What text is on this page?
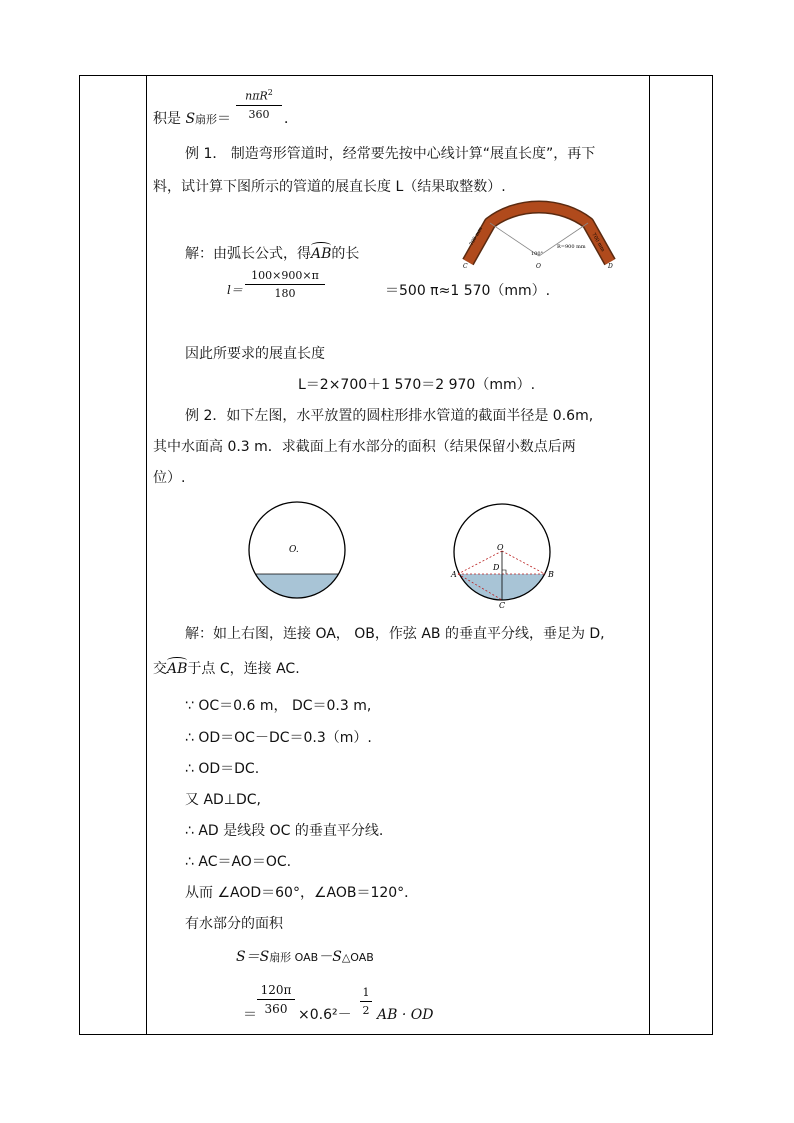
积是 S扇形＝
nπR$^2$
360	．
例 1． 制造弯形管道时，经常要先按中心线计算“展直长度”，再下
料，试计算下图所示的管道的展直长度 L（结果取整数）.
解：由弧长公式，得
AB的长
l＝
100×900×π
180	＝500 π≈1 570（mm）.
700 mm	700 mm
100°
R=900 mm
C	O	D
因此所要求的展直长度
L＝2×700＋1 570＝2 970（mm）.
例 2．如下左图，水平放置的圆柱形排水管道的截面半径是 0.6m,
其中水面高 0.3 m．求截面上有水部分的面积（结果保留小数点后两
位）.
O.	O
A	B
C
D
解：如上右图，连接 OA， OB，作弦 AB 的垂直平分线，垂足为 D,
交
AB于点 C，连接 AC.
∵ OC＝0.6 m， DC＝0.3 m,
∴ OD＝OC－DC＝0.3（m）.
∴ OD＝DC.
又 AD⊥DC,
∴ AD 是线段 OC 的垂直平分线.
∴ AC＝AO＝OC.
从而 ∠AOD＝60°，∠AOB＝120°．
有水部分的面积
S＝S扇形 OAB－S△OAB
＝
120π
360 ×0.6²－
1
2 AB · OD
